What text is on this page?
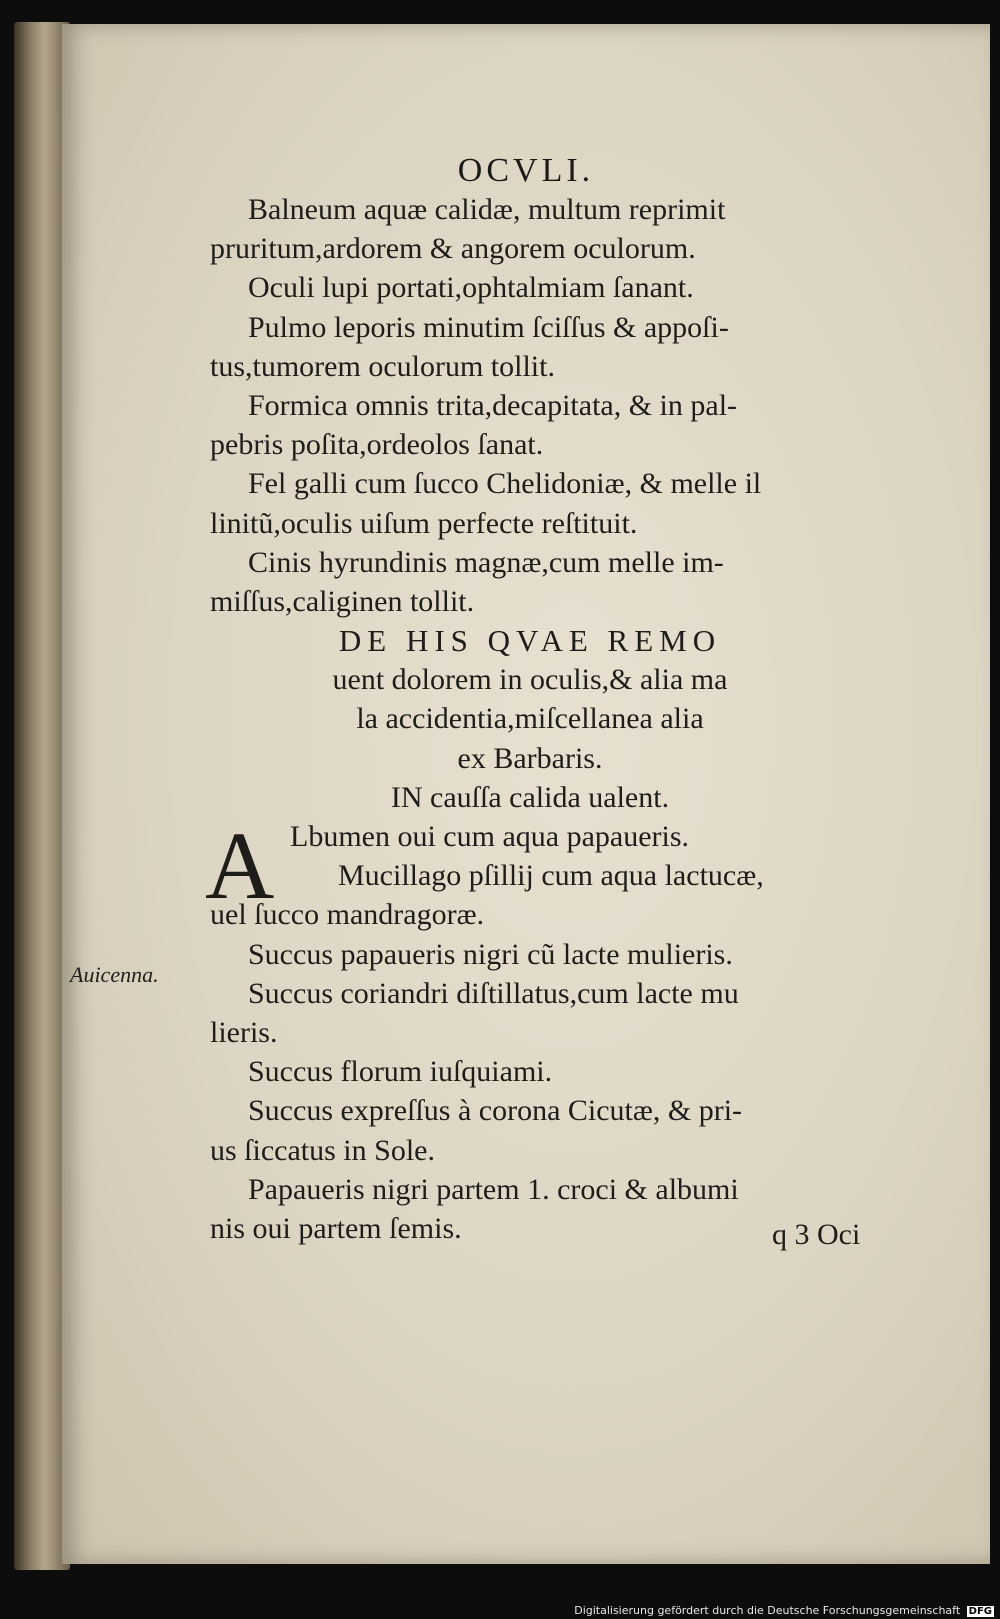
OCVLI.
Balneum aquæ calidæ, multum reprimit
pruritum,ardorem & angorem oculorum.
Oculi lupi portati,ophtalmiam ſanant.
Pulmo leporis minutim ſciſſus & appoſi-
tus,tumorem oculorum tollit.
Formica omnis trita,decapitata, & in pal-
pebris poſita,ordeolos ſanat.
Fel galli cum ſucco Chelidoniæ, & melle il
linitũ,oculis uiſum perfecte reſtituit.
Cinis hyrundinis magnæ,cum melle im-
miſſus,caliginen tollit.
DE HIS QVAE REMO
uent dolorem in oculis,& alia ma
la accidentia,miſcellanea alia
ex Barbaris.
IN cauſſa calida ualent.
Lbumen oui cum aqua papaueris.
Mucillago pſillij cum aqua lactucæ,
uel ſucco mandragoræ.
Succus papaueris nigri cũ lacte mulieris.
Succus coriandri diſtillatus,cum lacte mu
lieris.
Succus florum iuſquiami.
Succus expreſſus à corona Cicutæ, & pri-
us ſiccatus in Sole.
Papaueris nigri partem 1. croci & albumi
nis oui partem ſemis.
A
Auicenna.
q 3 Oci
Digitalisierung gefördert durch die Deutsche Forschungsgemeinschaft DFG
